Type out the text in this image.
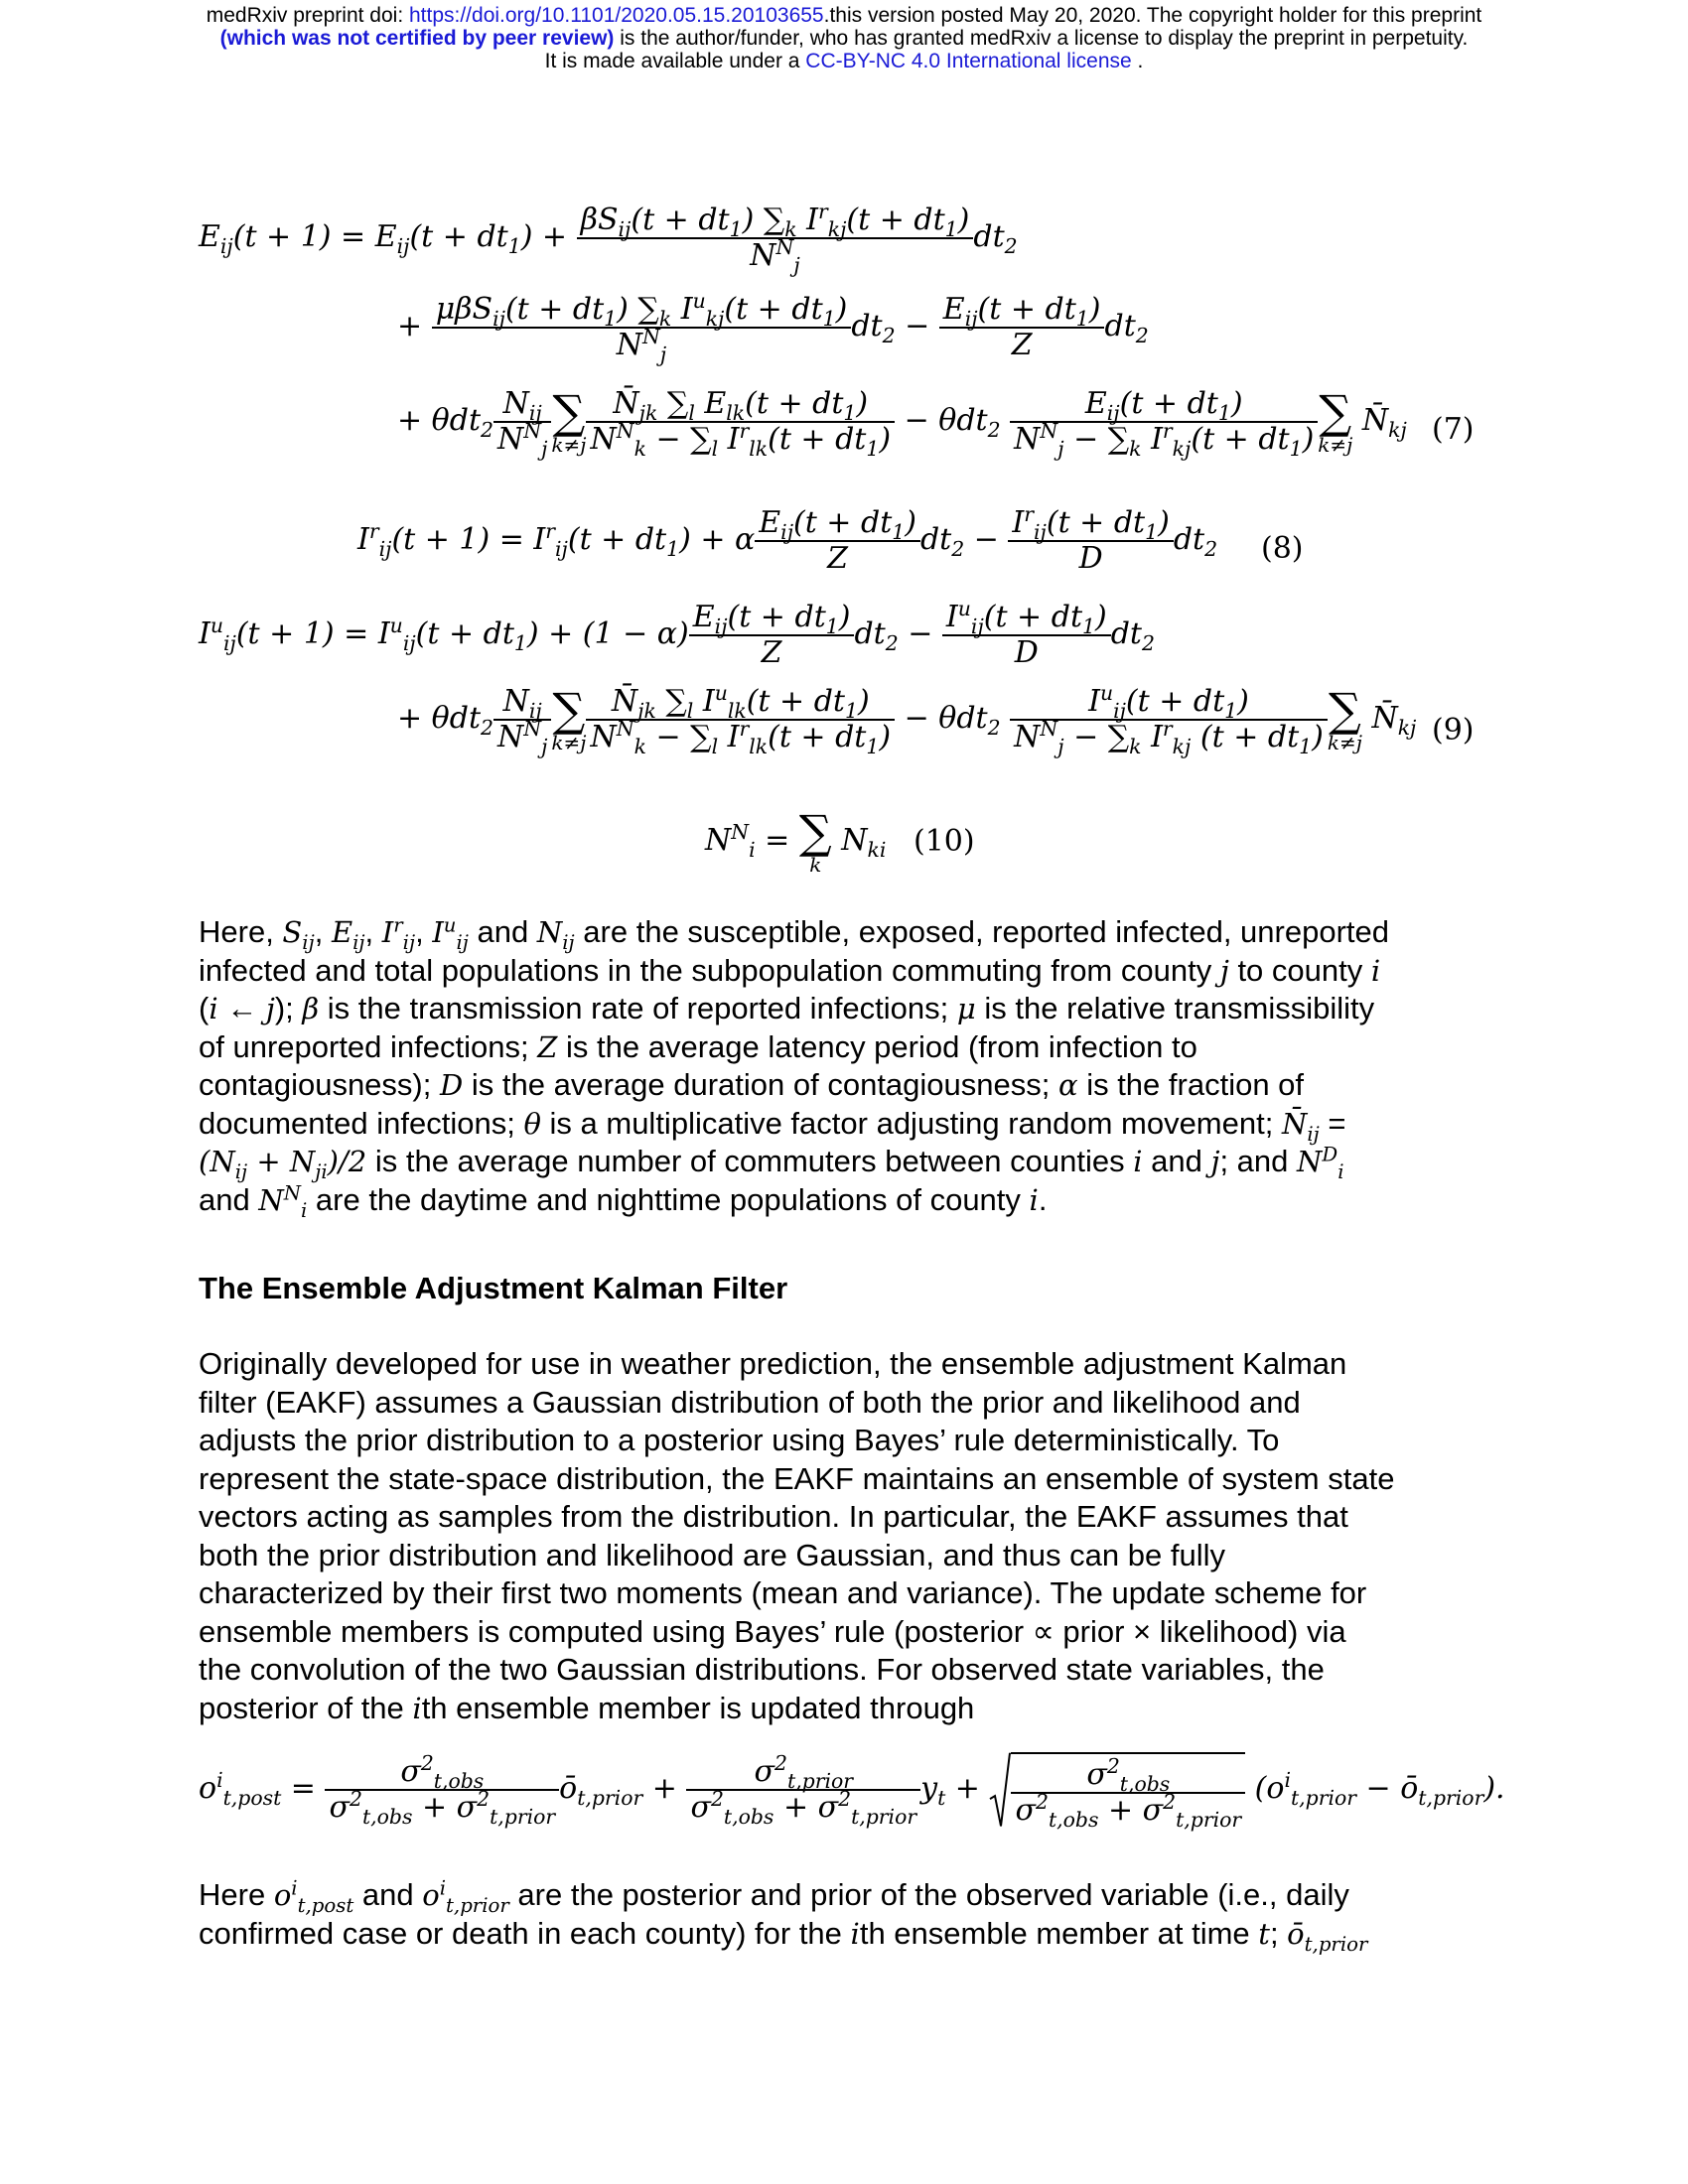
medRxiv preprint doi: https://doi.org/10.1101/2020.05.15.20103655.this version posted May 20, 2020. The copyright holder for this preprint
(which was not certified by peer review) is the author/funder, who has granted medRxiv a license to display the preprint in perpetuity.
It is made available under a CC-BY-NC 4.0 International license .
$E_{ij}(t + 1) = E_{ij}(t + dt_1) + \frac{\beta S_{ij}(t + dt_1) \sum_k I^r_{kj}(t + dt_1)}{N^N_j} dt_2$
+ $\frac{\mu\beta S_{ij}(t + dt_1) \sum_k I^u_{kj}(t + dt_1)}{N^N_j} dt_2 - \frac{E_{ij}(t + dt_1)}{Z} dt_2$
+ $\theta dt_2 \frac{N_{ij}}{N^N_j}$ ∑
$k\ne j \frac{N̄_{jk} \sum_l E_{lk}(t + dt_1)}{N^N_k - \sum_l I^r_{lk}(t + dt_1)} - \theta dt_2 \frac{E_{ij}(t + dt_1)}{N^N_j - \sum_k I^r_{kj}(t + dt_1)}$ ∑
k≠j
$N̄_{kj}$ (7)
$I^r_{ij}(t + 1) = I^r_{ij}(t + dt_1) + \alpha \frac{E_{ij}(t + dt_1)}{Z} dt_2 - \frac{I^r_{ij}(t + dt_1)}{D} dt_2$ (8)
$I^u_{ij}(t + 1) = I^u_{ij}(t + dt_1) + (1 - \alpha) \frac{E_{ij}(t + dt_1)}{Z} dt_2 - \frac{I^u_{ij}(t + dt_1)}{D} dt_2$
+ $\theta dt_2 \frac{N_{ij}}{N^N_j}$ ∑
$k\ne j \frac{N̄_{jk} \sum_l I^u_{lk}(t + dt_1)}{N^N_k - \sum_l I^r_{lk}(t + dt_1)} - \theta dt_2 \frac{I^u_{ij}(t + dt_1)}{N^N_j - \sum_k I^r_{kj} (t + dt_1)}$ ∑
k≠j
$N̄_{kj}$ (9)
$N^N_i$ = ∑
k
$N_{ki}$ (10)
Here, $S_{ij}$, $E_{ij}$, $I^r_{ij}$, $I^u_{ij}$ and $N_{ij}$ are the susceptible, exposed, reported infected, unreported
infected and total populations in the subpopulation commuting from county j to county i
(i ← j); β is the transmission rate of reported infections; μ is the relative transmissibility
of unreported infections; Z is the average latency period (from infection to
contagiousness); D is the average duration of contagiousness; α is the fraction of
documented infections; θ is a multiplicative factor adjusting random movement; $N̄_{ij}$ =
$(N_{ij} + N_{ji})/2$ is the average number of commuters between counties i and j; and $N^D_i$
and $N^N_i$ are the daytime and nighttime populations of county i.
The Ensemble Adjustment Kalman Filter
Originally developed for use in weather prediction, the ensemble adjustment Kalman
filter (EAKF) assumes a Gaussian distribution of both the prior and likelihood and
adjusts the prior distribution to a posterior using Bayes’ rule deterministically. To
represent the state-space distribution, the EAKF maintains an ensemble of system state
vectors acting as samples from the distribution. In particular, the EAKF assumes that
both the prior distribution and likelihood are Gaussian, and thus can be fully
characterized by their first two moments (mean and variance). The update scheme for
ensemble members is computed using Bayes’ rule (posterior ∝ prior × likelihood) via
the convolution of the two Gaussian distributions. For observed state variables, the
posterior of the ith ensemble member is updated through
$o^i_{t,post} = \frac{\sigma^2_{t,obs}}{\sigma^2_{t,obs} + \sigma^2_{t,prior}}$ $ō_{t,prior} + \frac{\sigma^2_{t,prior}}{\sigma^2_{t,obs} + \sigma^2_{t,prior}} y_t + \frac{\sigma^2_{t,obs}}{\sigma^2_{t,obs} + \sigma^2_{t,prior}} (o^i_{t,prior}$ − $ō_{t,prior}$).
Here $o^i_{t,post}$ and $o^i_{t,prior}$ are the posterior and prior of the observed variable (i.e., daily
confirmed case or death in each county) for the ith ensemble member at time t; $ō_{t,prior}$
